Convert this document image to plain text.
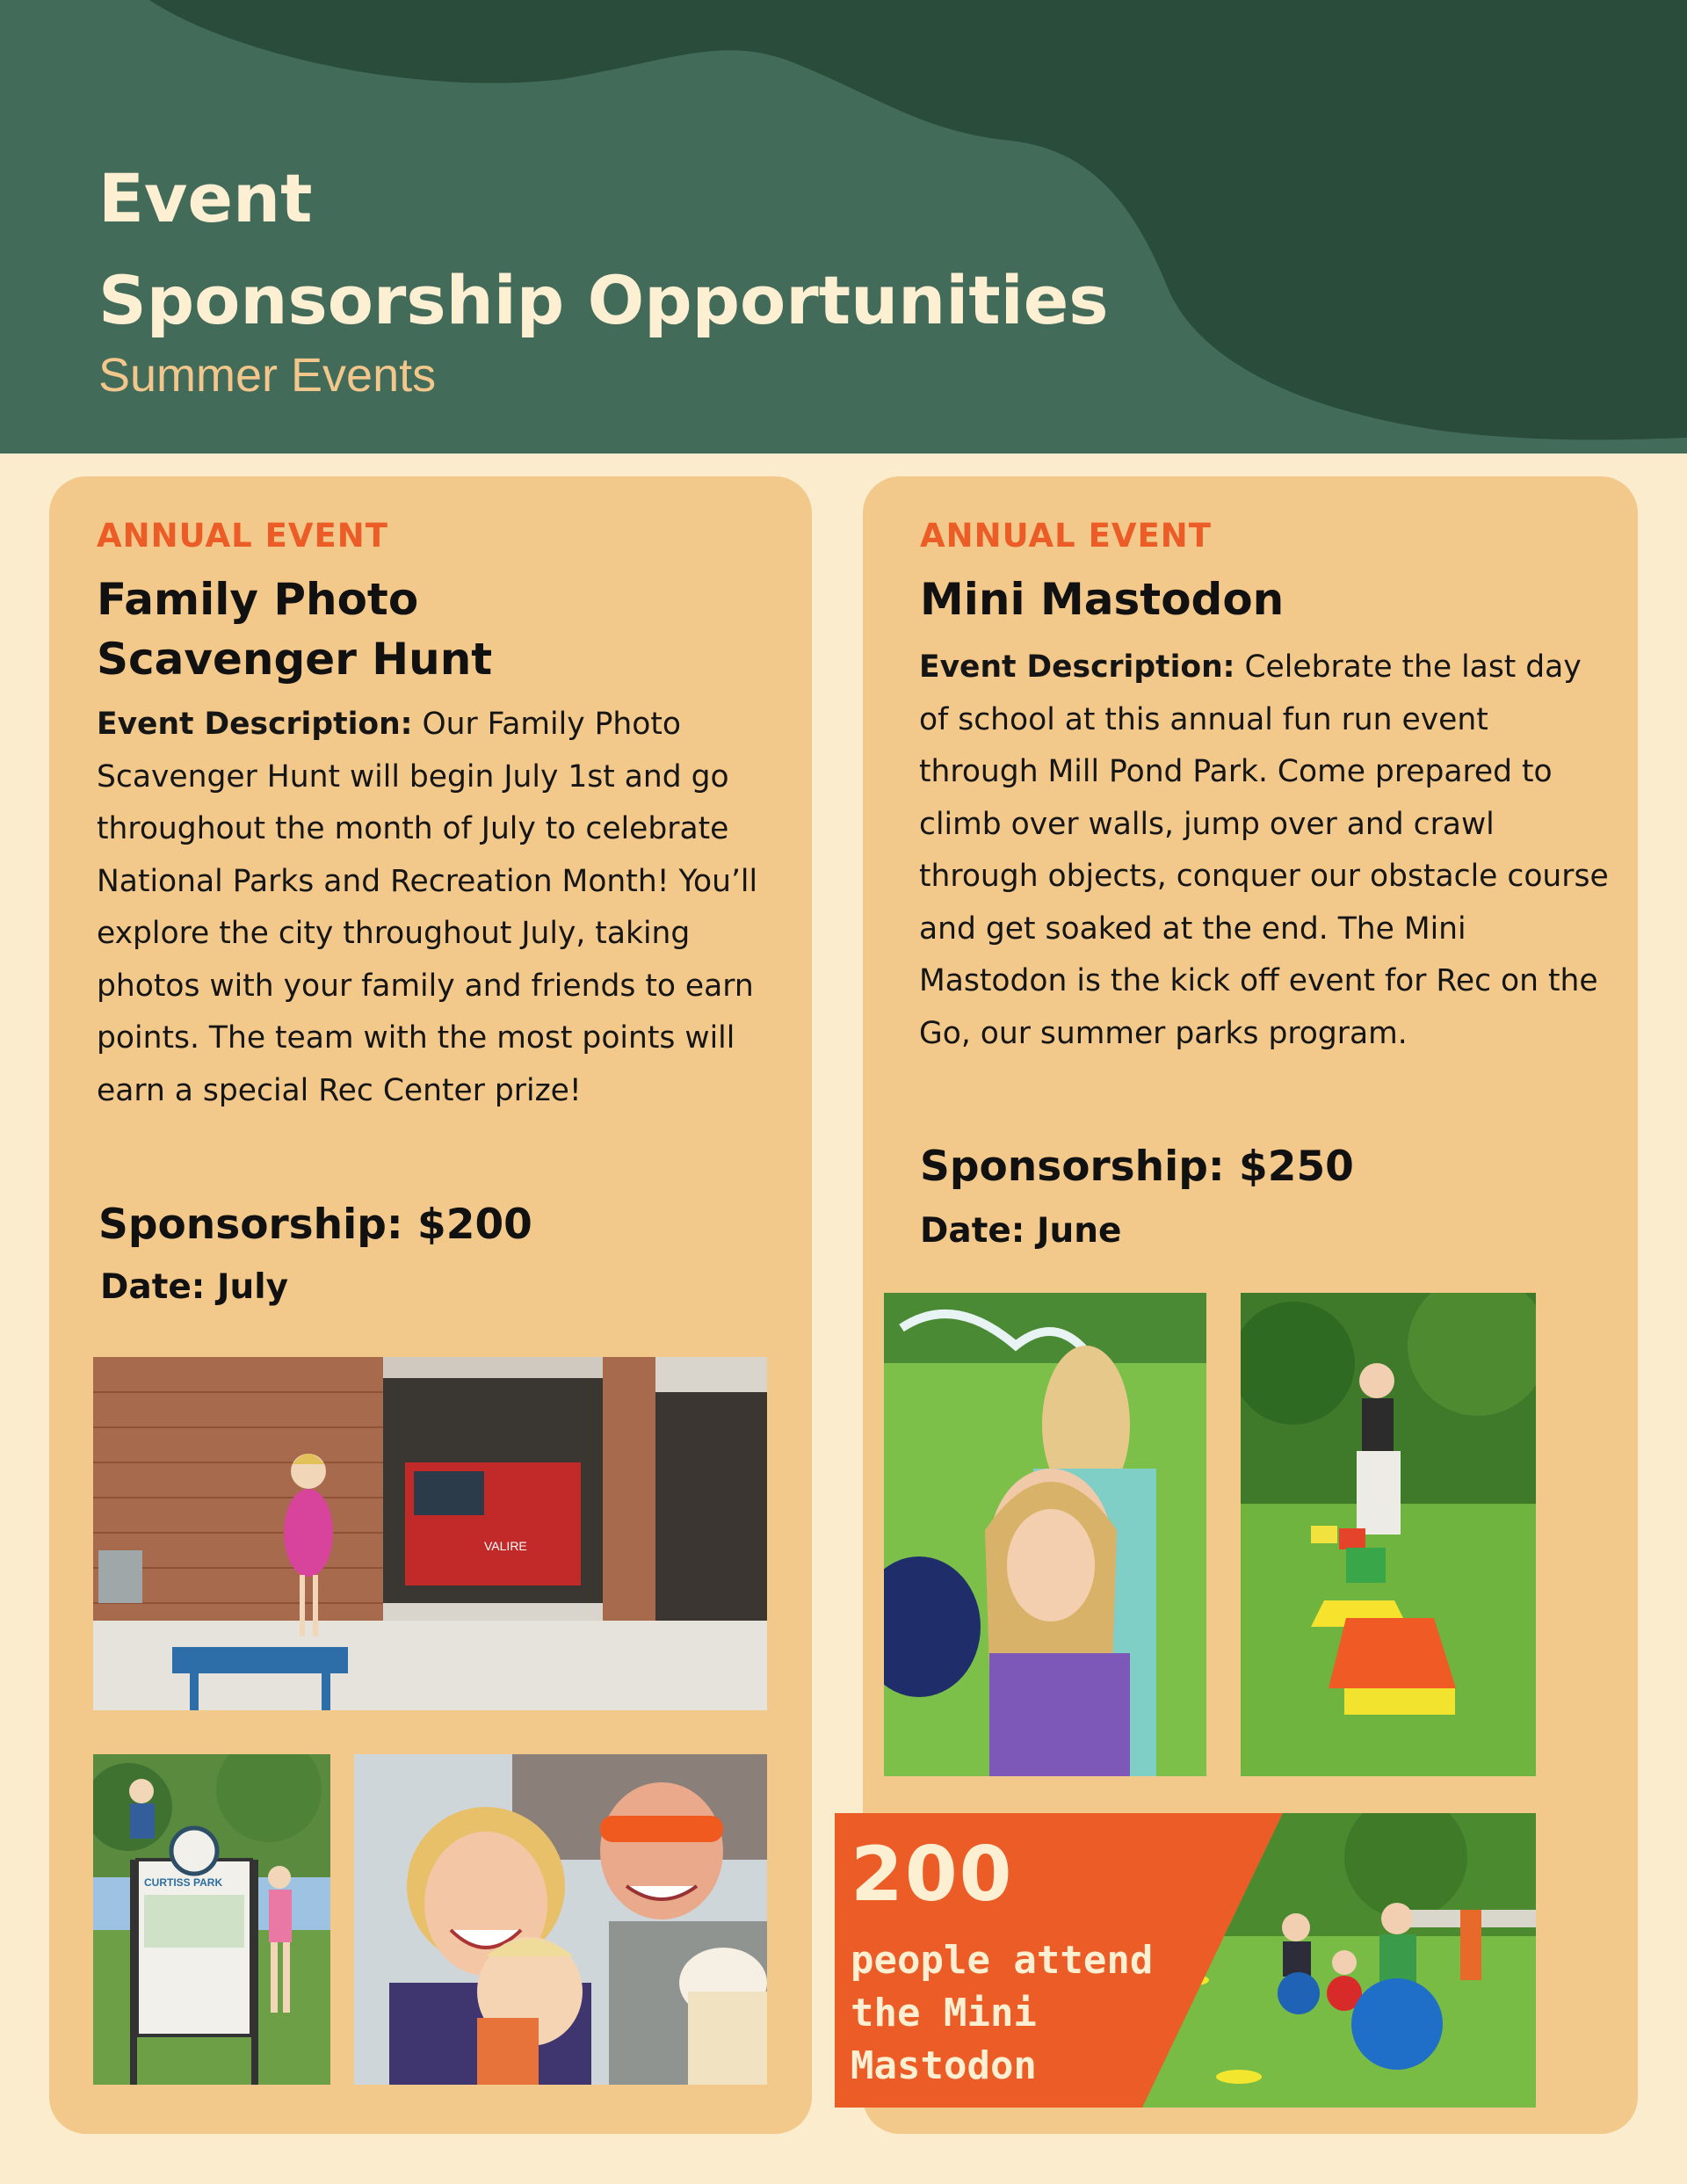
Event
Sponsorship Opportunities
Summer Events
ANNUAL EVENT
Family Photo
Scavenger Hunt

Event Description: Our Family Photo Scavenger Hunt will begin July 1st and go throughout the month of July to celebrate National Parks and Recreation Month! You’ll explore the city throughout July, taking photos with your family and friends to earn points. The team with the most points will earn a special Rec Center prize!

Sponsorship: $200
Date: July
VALIRE
CURTISS PARK
ANNUAL EVENT
Mini Mastodon

Event Description: Celebrate the last day of school at this annual fun run event through Mill Pond Park. Come prepared to climb over walls, jump over and crawl through objects, conquer our obstacle course and get soaked at the end. The Mini Mastodon is the kick off event for Rec on the Go, our summer parks program.

Sponsorship: $250
Date: June
200
people attend the Mini Mastodon
